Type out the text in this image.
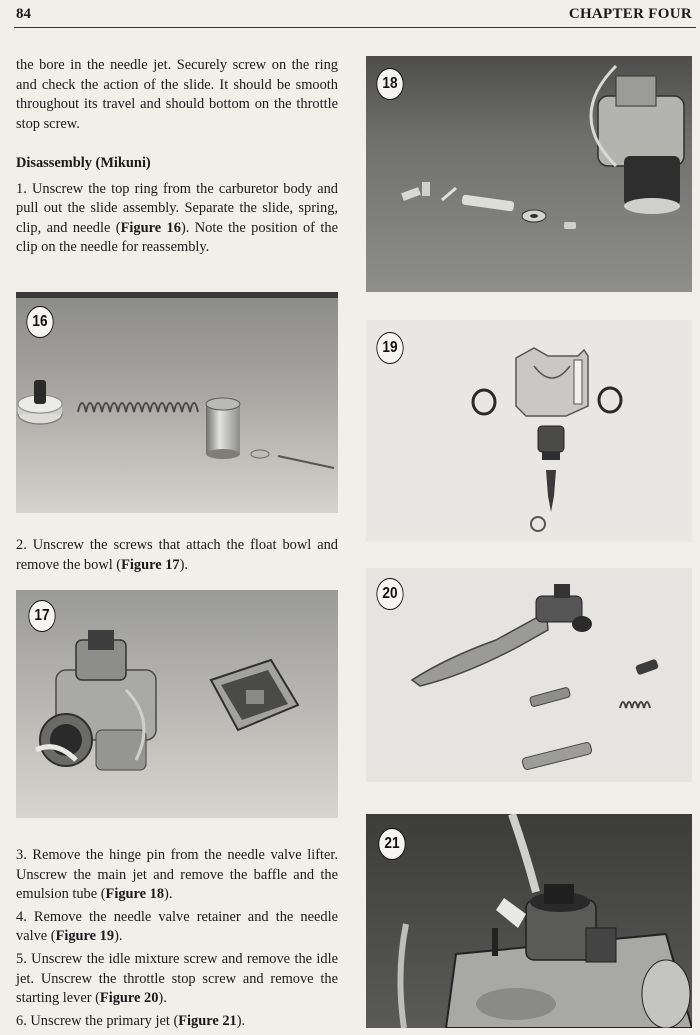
84	CHAPTER FOUR

the bore in the needle jet. Securely screw on the ring and check the action of the slide. It should be smooth throughout its travel and should bottom on the throttle stop screw.

Disassembly (Mikuni)

1. Unscrew the top ring from the carburetor body and pull out the slide assembly. Separate the slide, spring, clip, and needle (Figure 16). Note the position of the clip on the needle for reassembly.

16

2. Unscrew the screws that attach the float bowl and remove the bowl (Figure 17).

17

3. Remove the hinge pin from the needle valve lifter. Unscrew the main jet and remove the baffle and the emulsion tube (Figure 18).

4. Remove the needle valve retainer and the needle valve (Figure 19).

5. Unscrew the idle mixture screw and remove the idle jet. Unscrew the throttle stop screw and remove the starting lever (Figure 20).

6. Unscrew the primary jet (Figure 21).

18
19
20
21
